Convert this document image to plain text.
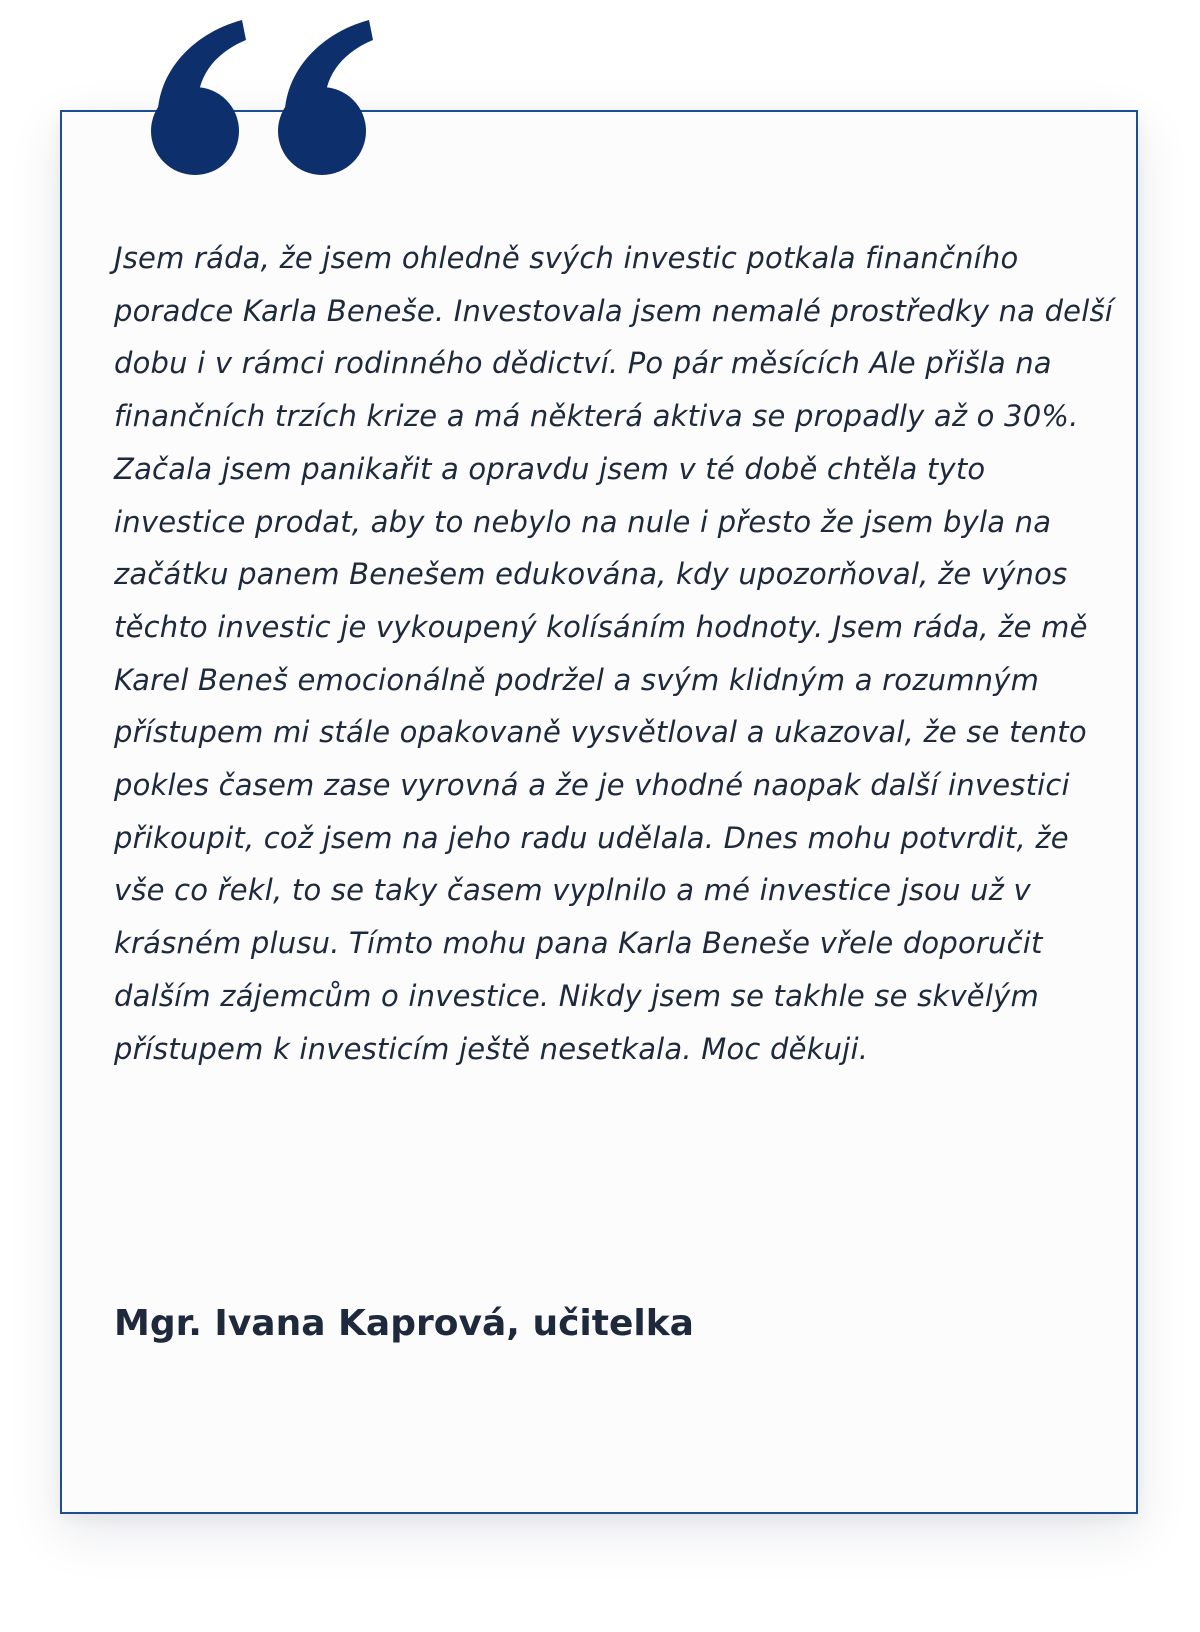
Jsem ráda, že jsem ohledně svých investic potkala finančního poradce Karla Beneše. Investovala jsem nemalé prostředky na delší dobu i v rámci rodinného dědictví. Po pár měsících Ale přišla na finančních trzích krize a má některá aktiva se propadly až o 30%. Začala jsem panikařit a opravdu jsem v té době chtěla tyto investice prodat, aby to nebylo na nule i přesto že jsem byla na začátku panem Benešem edukována, kdy upozorňoval, že výnos těchto investic je vykoupený kolísáním hodnoty. Jsem ráda, že mě Karel Beneš emocionálně podržel a svým klidným a rozumným přístupem mi stále opakovaně vysvětloval a ukazoval, že se tento pokles časem zase vyrovná a že je vhodné naopak další investici přikoupit, což jsem na jeho radu udělala. Dnes mohu potvrdit, že vše co řekl, to se taky časem vyplnilo a mé investice jsou už v krásném plusu. Tímto mohu pana Karla Beneše vřele doporučit dalším zájemcům o investice. Nikdy jsem se takhle se skvělým přístupem k investicím ještě nesetkala. Moc děkuji.

Mgr. Ivana Kaprová, učitelka
